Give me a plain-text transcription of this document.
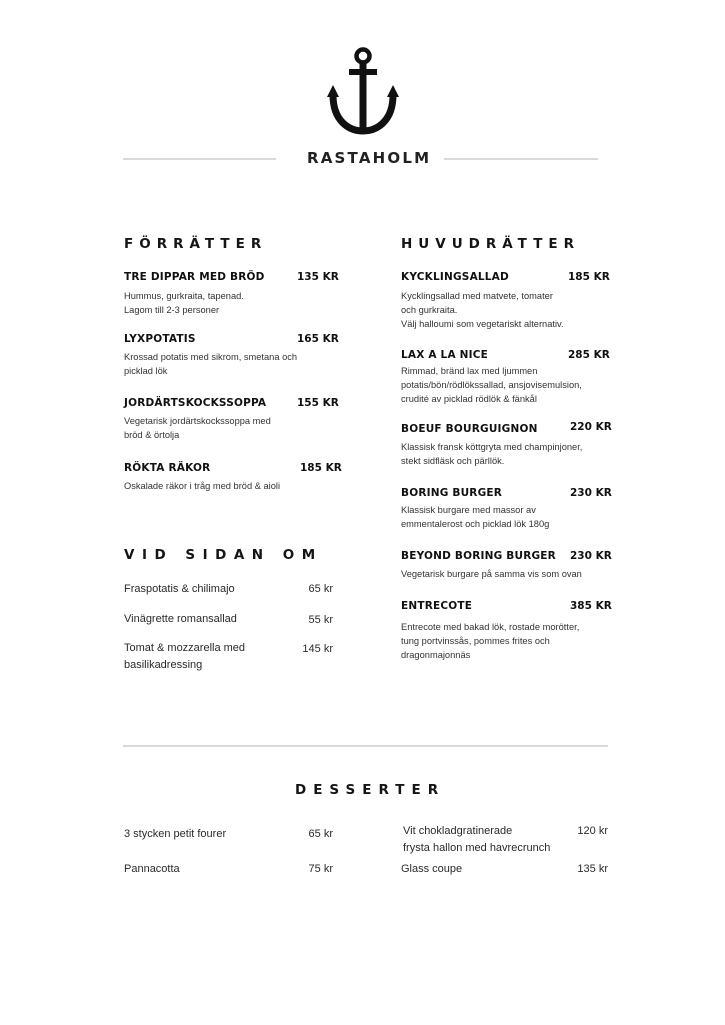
RASTAHOLM
FÖRRÄTTER
TRE DIPPAR MED BRÖD	135 KR
Hummus, gurkraita, tapenad.
Lagom till 2-3 personer
LYXPOTATIS	165 KR
Krossad potatis med sikrom, smetana och
picklad lök
JORDÄRTSKOCKSSOPPA	155 KR
Vegetarisk jordärtskockssoppa med
bröd & örtolja
RÖKTA RÄKOR	185 KR
Oskalade räkor i tråg med bröd & aioli
VID SIDAN OM
Fraspotatis & chilimajo	65 kr
Vinägrette romansallad	55 kr
Tomat & mozzarella med
basilikadressing
145 kr
HUVUDRÄTTER
KYCKLINGSALLAD	185 KR
Kycklingsallad med matvete, tomater
och gurkraita.
Välj halloumi som vegetariskt alternativ.
LAX A LA NICE	285 KR
Rimmad, bränd lax med ljummen
potatis/bön/rödlökssallad, ansjovisemulsion,
crudité av picklad rödlök & fänkål
BOEUF BOURGUIGNON	220 KR
Klassisk fransk köttgryta med champinjoner,
stekt sidfläsk och pärllök.
BORING BURGER	230 KR
Klassisk burgare med massor av
emmentalerost och picklad lök 180g
BEYOND BORING BURGER 230 KR
Vegetarisk burgare på samma vis som ovan
ENTRECOTE	385 KR
Entrecote med bakad lök, rostade morötter,
tung portvinssås, pommes frites och
dragonmajonnäs
DESSERTER
3 stycken petit fourer	65 kr
Pannacotta	75 kr
Vit chokladgratinerade
frysta hallon med havrecrunch
120 kr
Glass coupe	135 kr
